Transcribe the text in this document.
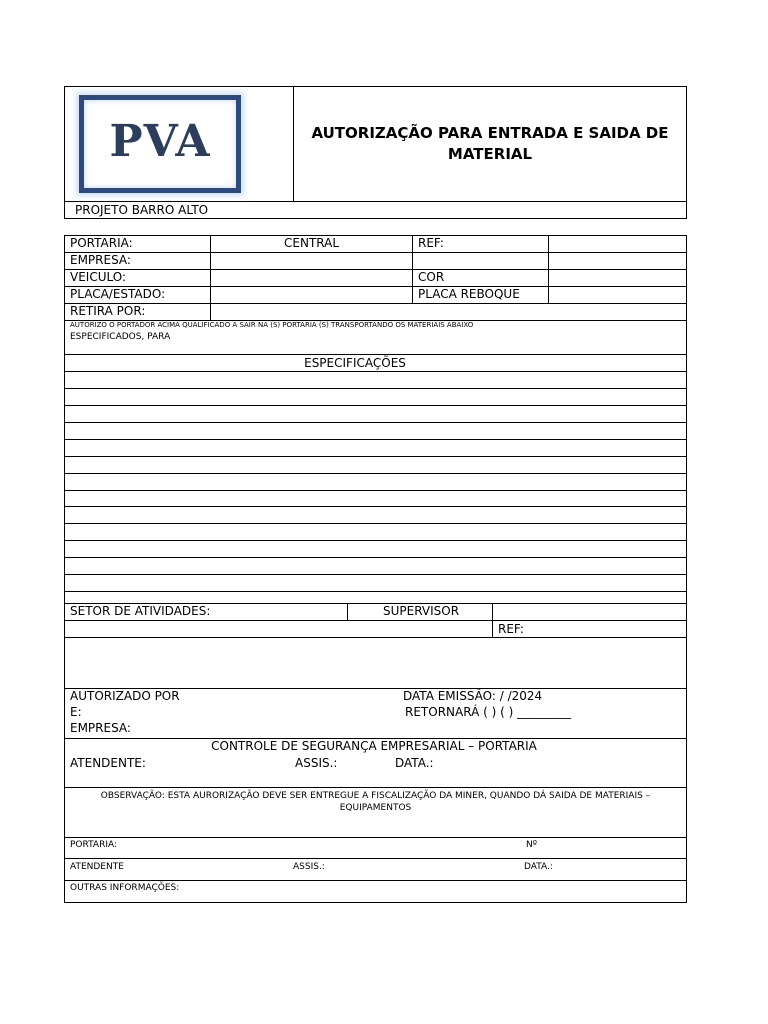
PVA	AUTORIZAÇÃO PARA ENTRADA E SAIDA DE
MATERIAL
PROJETO BARRO ALTO
PORTARIA:	CENTRAL	REF:
EMPRESA:
VEICULO:	COR
PLACA/ESTADO:	PLACA REBOQUE
RETIRA POR:
AUTORIZO O PORTADOR ACIMA QUALIFICADO A SAIR NA (S) PORTARIA (S) TRANSPORTANDO OS MATERIAIS ABAIXO
ESPECIFICADOS, PARA
ESPECIFICAÇÕES
SETOR DE ATIVIDADES:	SUPERVISOR
REF:
AUTORIZADO POR
E:
EMPRESA:
DATA EMISSÃO: / /2024
RETORNARÁ ( ) ( ) _________
CONTROLE DE SEGURANÇA EMPRESARIAL – PORTARIA
ATENDENTE:	ASSIS.:	DATA.:
OBSERVAÇÃO: ESTA AURORIZAÇÃO DEVE SER ENTREGUE A FISCALIZAÇÃO DA MINER, QUANDO DÁ SAIDA DE MATERIAIS –
EQUIPAMENTOS
PORTARIA:	Nº
ATENDENTE	ASSIS.:	DATA.:
OUTRAS INFORMAÇÕES:
